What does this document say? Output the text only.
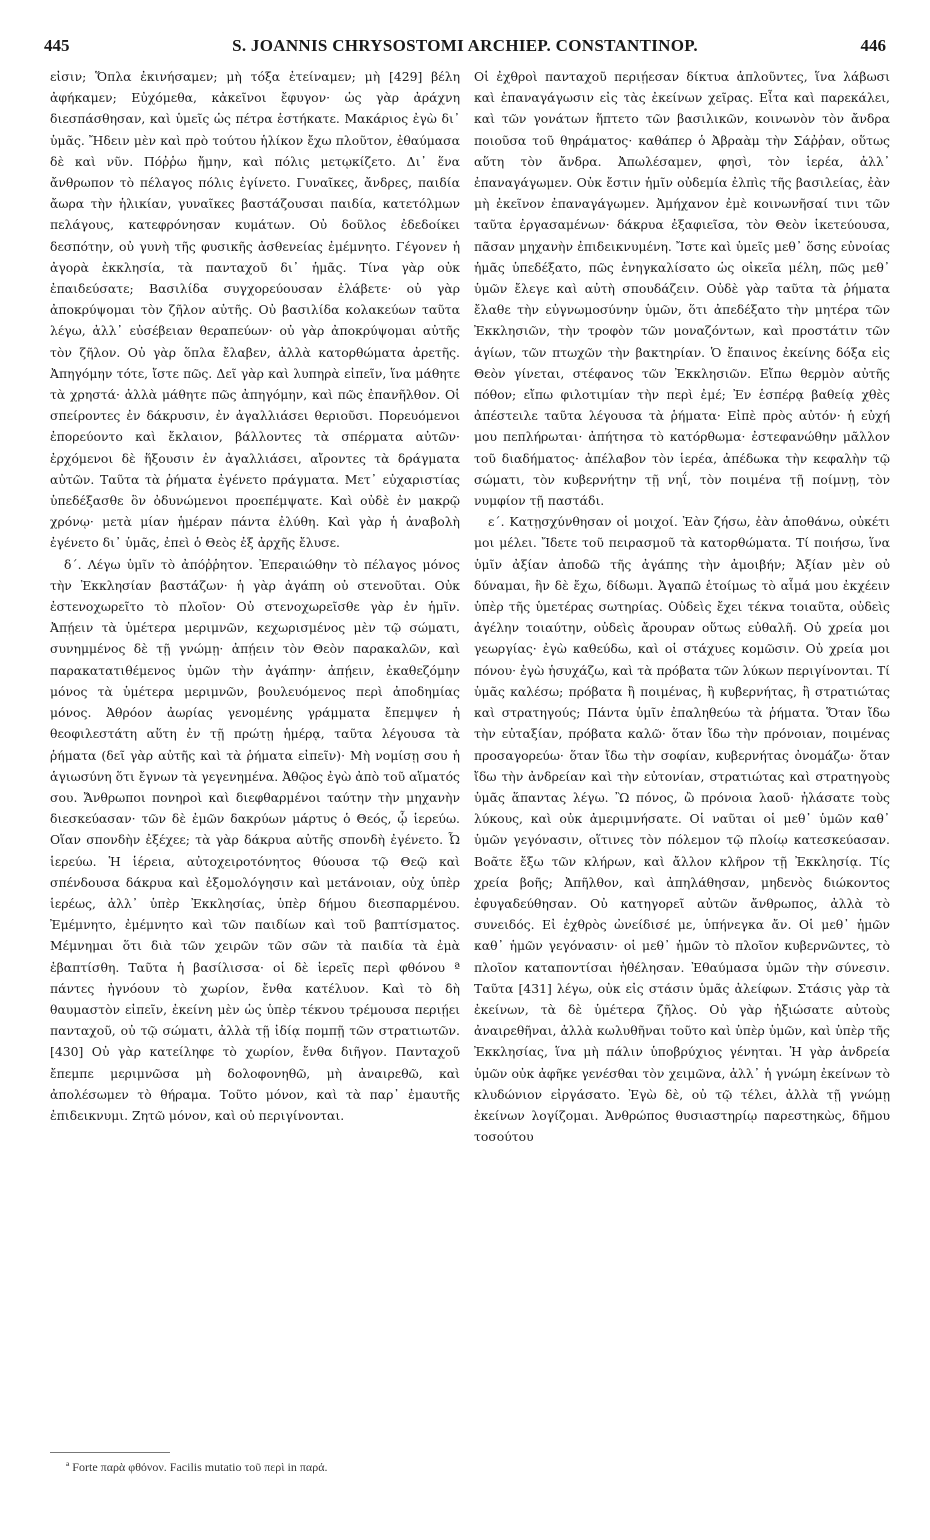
445	S. JOANNIS CHRYSOSTOMI ARCHIEP. CONSTANTINOP.	446

εἰσιν; Ὅπλα ἐκινήσαμεν; μὴ τόξα ἐτείναμεν; μὴ [429] βέλη ἀφήκαμεν; Εὐχόμεθα, κἀκεῖνοι ἔφυγον· ὡς γὰρ ἀράχνη διεσπάσθησαν, καὶ ὑμεῖς ὡς πέτρα ἑστήκατε. Μακάριος ἐγὼ δι᾽ ὑμᾶς. Ἤδειν μὲν καὶ πρὸ τούτου ἡλίκον ἔχω πλοῦτον, ἐθαύμασα δὲ καὶ νῦν. Πόῤῥω ἤμην, καὶ πόλις μετῳκίζετο. Δι᾽ ἕνα ἄνθρωπον τὸ πέλαγος πόλις ἐγίνετο. Γυναῖκες, ἄνδρες, παιδία ἄωρα τὴν ἡλικίαν, γυναῖκες βαστάζουσαι παιδία, κατετόλμων πελάγους, κατεφρόνησαν κυμάτων. Οὐ δοῦλος ἐδεδοίκει δεσπότην, οὐ γυνὴ τῆς φυσικῆς ἀσθενείας ἐμέμνητο. Γέγονεν ἡ ἀγορὰ ἐκκλησία, τὰ πανταχοῦ δι᾽ ἡμᾶς. Τίνα γὰρ οὐκ ἐπαιδεύσατε; Βασιλίδα συγχορεύουσαν ἐλάβετε· οὐ γὰρ ἀποκρύψομαι τὸν ζῆλον αὐτῆς. Οὐ βασιλίδα κολακεύων ταῦτα λέγω, ἀλλ᾽ εὐσέβειαν θεραπεύων· οὐ γὰρ ἀποκρύψομαι αὐτῆς τὸν ζῆλον. Οὐ γὰρ ὅπλα ἔλαβεν, ἀλλὰ κατορθώματα ἀρετῆς. Ἀπηγόμην τότε, ἴστε πῶς. Δεῖ γὰρ καὶ λυπηρὰ εἰπεῖν, ἵνα μάθητε τὰ χρηστά· ἀλλὰ μάθητε πῶς ἀπηγόμην, καὶ πῶς ἐπανῆλθον. Οἱ σπείροντες ἐν δάκρυσιν, ἐν ἀγαλλιάσει θεριοῦσι. Πορευόμενοι ἐπορεύοντο καὶ ἔκλαιον, βάλλοντες τὰ σπέρματα αὐτῶν· ἐρχόμενοι δὲ ἥξουσιν ἐν ἀγαλλιάσει, αἴροντες τὰ δράγματα αὐτῶν. Ταῦτα τὰ ῥήματα ἐγένετο πράγματα. Μετ᾽ εὐχαριστίας ὑπεδέξασθε ὃν ὀδυνώμενοι προεπέμψατε. Καὶ οὐδὲ ἐν μακρῷ χρόνῳ· μετὰ μίαν ἡμέραν πάντα ἐλύθη. Καὶ γὰρ ἡ ἀναβολὴ ἐγένετο δι᾽ ὑμᾶς, ἐπεὶ ὁ Θεὸς ἐξ ἀρχῆς ἔλυσε.

δ΄. Λέγω ὑμῖν τὸ ἀπόῤῥητον. Ἐπεραιώθην τὸ πέλαγος μόνος τὴν Ἐκκλησίαν βαστάζων· ἡ γὰρ ἀγάπη οὐ στενοῦται. Οὐκ ἐστενοχωρεῖτο τὸ πλοῖον· Οὐ στενοχωρεῖσθε γὰρ ἐν ἡμῖν. Ἀπῄειν τὰ ὑμέτερα μεριμνῶν, κεχωρισμένος μὲν τῷ σώματι, συνημμένος δὲ τῇ γνώμῃ· ἀπῄειν τὸν Θεὸν παρακαλῶν, καὶ παρακατατιθέμενος ὑμῶν τὴν ἀγάπην· ἀπῄειν, ἐκαθεζόμην μόνος τὰ ὑμέτερα μεριμνῶν, βουλευόμενος περὶ ἀποδημίας μόνος. Ἀθρόον ἀωρίας γενομένης γράμματα ἔπεμψεν ἡ θεοφιλεστάτη αὕτη ἐν τῇ πρώτῃ ἡμέρᾳ, ταῦτα λέγουσα τὰ ῥήματα (δεῖ γὰρ αὐτῆς καὶ τὰ ῥήματα εἰπεῖν)· Μὴ νομίσῃ σου ἡ ἁγιωσύνη ὅτι ἔγνων τὰ γεγενημένα. Ἀθῷος ἐγὼ ἀπὸ τοῦ αἵματός σου. Ἄνθρωποι πονηροὶ καὶ διεφθαρμένοι ταύτην τὴν μηχανὴν διεσκεύασαν· τῶν δὲ ἐμῶν δακρύων μάρτυς ὁ Θεός, ᾧ ἱερεύω. Οἵαν σπονδὴν ἐξέχεε; τὰ γὰρ δάκρυα αὐτῆς σπονδὴ ἐγένετο. Ὦ ἱερεύω. Ἡ ἱέρεια, αὐτοχειροτόνητος θύουσα τῷ Θεῷ καὶ σπένδουσα δάκρυα καὶ ἐξομολόγησιν καὶ μετάνοιαν, οὐχ ὑπὲρ ἱερέως, ἀλλ᾽ ὑπὲρ Ἐκκλησίας, ὑπὲρ δήμου διεσπαρμένου. Ἐμέμνητο, ἐμέμνητο καὶ τῶν παιδίων καὶ τοῦ βαπτίσματος. Μέμνημαι ὅτι διὰ τῶν χειρῶν τῶν σῶν τὰ παιδία τὰ ἐμὰ ἐβαπτίσθη. Ταῦτα ἡ βασίλισσα· οἱ δὲ ἱερεῖς περὶ φθόνου ª πάντες ἠγνόουν τὸ χωρίον, ἔνθα κατέλυον. Καὶ τὸ δὴ θαυμαστὸν εἰπεῖν, ἐκείνη μὲν ὡς ὑπὲρ τέκνου τρέμουσα περιῄει πανταχοῦ, οὐ τῷ σώματι, ἀλλὰ τῇ ἰδίᾳ πομπῇ τῶν στρατιωτῶν. [430] Οὐ γὰρ κατείληφε τὸ χωρίον, ἔνθα διῆγον. Πανταχοῦ ἔπεμπε μεριμνῶσα μὴ δολοφονηθῶ, μὴ ἀναιρεθῶ, καὶ ἀπολέσωμεν τὸ θήραμα. Τοῦτο μόνον, καὶ τὰ παρ᾽ ἐμαυτῆς ἐπιδεικνυμι. Ζητῶ μόνον, καὶ οὐ περιγίνονται.

Οἱ ἐχθροὶ πανταχοῦ περιῄεσαν δίκτυα ἁπλοῦντες, ἵνα λάβωσι καὶ ἐπαναγάγωσιν εἰς τὰς ἐκείνων χεῖρας. Εἶτα καὶ παρεκάλει, καὶ τῶν γονάτων ἥπτετο τῶν βασιλικῶν, κοινωνὸν τὸν ἄνδρα ποιοῦσα τοῦ θηράματος· καθάπερ ὁ Ἀβραὰμ τὴν Σάῤῥαν, οὕτως αὕτη τὸν ἄνδρα. Ἀπωλέσαμεν, φησὶ, τὸν ἱερέα, ἀλλ᾽ ἐπαναγάγωμεν. Οὐκ ἔστιν ἡμῖν οὐδεμία ἐλπὶς τῆς βασιλείας, ἐὰν μὴ ἐκεῖνον ἐπαναγάγωμεν. Ἀμήχανον ἐμὲ κοινωνῆσαί τινι τῶν ταῦτα ἐργασαμένων· δάκρυα ἐξαφιεῖσα, τὸν Θεὸν ἱκετεύουσα, πᾶσαν μηχανὴν ἐπιδεικνυμένη. Ἴστε καὶ ὑμεῖς μεθ᾽ ὅσης εὐνοίας ἡμᾶς ὑπεδέξατο, πῶς ἐνηγκαλίσατο ὡς οἰκεῖα μέλη, πῶς μεθ᾽ ὑμῶν ἔλεγε καὶ αὐτὴ σπουδάζειν. Οὐδὲ γὰρ ταῦτα τὰ ῥήματα ἔλαθε τὴν εὐγνωμοσύνην ὑμῶν, ὅτι ἀπεδέξατο τὴν μητέρα τῶν Ἐκκλησιῶν, τὴν τροφὸν τῶν μοναζόντων, καὶ προστάτιν τῶν ἁγίων, τῶν πτωχῶν τὴν βακτηρίαν. Ὁ ἔπαινος ἐκείνης δόξα εἰς Θεὸν γίνεται, στέφανος τῶν Ἐκκλησιῶν. Εἴπω θερμὸν αὐτῆς πόθον; εἴπω φιλοτιμίαν τὴν περὶ ἐμέ; Ἐν ἑσπέρᾳ βαθείᾳ χθὲς ἀπέστειλε ταῦτα λέγουσα τὰ ῥήματα· Εἰπὲ πρὸς αὐτόν· ἡ εὐχή μου πεπλήρωται· ἀπήτησα τὸ κατόρθωμα· ἐστεφανώθην μᾶλλον τοῦ διαδήματος· ἀπέλαβον τὸν ἱερέα, ἀπέδωκα τὴν κεφαλὴν τῷ σώματι, τὸν κυβερνήτην τῇ νηΐ, τὸν ποιμένα τῇ ποίμνῃ, τὸν νυμφίον τῇ παστάδι.

ε΄. Κατῃσχύνθησαν οἱ μοιχοί. Ἐὰν ζήσω, ἐὰν ἀποθάνω, οὐκέτι μοι μέλει. Ἴδετε τοῦ πειρασμοῦ τὰ κατορθώματα. Τί ποιήσω, ἵνα ὑμῖν ἀξίαν ἀποδῶ τῆς ἀγάπης τὴν ἀμοιβήν; Ἀξίαν μὲν οὐ δύναμαι, ἣν δὲ ἔχω, δίδωμι. Ἀγαπῶ ἑτοίμως τὸ αἷμά μου ἐκχέειν ὑπὲρ τῆς ὑμετέρας σωτηρίας. Οὐδεὶς ἔχει τέκνα τοιαῦτα, οὐδεὶς ἀγέλην τοιαύτην, οὐδεὶς ἄρουραν οὕτως εὐθαλῆ. Οὐ χρεία μοι γεωργίας· ἐγὼ καθεύδω, καὶ οἱ στάχυες κομῶσιν. Οὐ χρεία μοι πόνου· ἐγὼ ἡσυχάζω, καὶ τὰ πρόβατα τῶν λύκων περιγίνονται. Τί ὑμᾶς καλέσω; πρόβατα ἢ ποιμένας, ἢ κυβερνήτας, ἢ στρατιώτας καὶ στρατηγούς; Πάντα ὑμῖν ἐπαληθεύω τὰ ῥήματα. Ὅταν ἴδω τὴν εὐταξίαν, πρόβατα καλῶ· ὅταν ἴδω τὴν πρόνοιαν, ποιμένας προσαγορεύω· ὅταν ἴδω τὴν σοφίαν, κυβερνήτας ὀνομάζω· ὅταν ἴδω τὴν ἀνδρείαν καὶ τὴν εὐτονίαν, στρατιώτας καὶ στρατηγοὺς ὑμᾶς ἅπαντας λέγω. Ὢ πόνος, ὢ πρόνοια λαοῦ· ἠλάσατε τοὺς λύκους, καὶ οὐκ ἀμεριμνήσατε. Οἱ ναῦται οἱ μεθ᾽ ὑμῶν καθ᾽ ὑμῶν γεγόνασιν, οἵτινες τὸν πόλεμον τῷ πλοίῳ κατεσκεύασαν. Βοᾶτε ἔξω τῶν κλήρων, καὶ ἄλλον κλῆρον τῇ Ἐκκλησίᾳ. Τίς χρεία βοῆς; Ἀπῆλθον, καὶ ἀπηλάθησαν, μηδενὸς διώκοντος ἐφυγαδεύθησαν. Οὐ κατηγορεῖ αὐτῶν ἄνθρωπος, ἀλλὰ τὸ συνειδός. Εἰ ἐχθρὸς ὠνείδισέ με, ὑπήνεγκα ἄν. Οἱ μεθ᾽ ἡμῶν καθ᾽ ἡμῶν γεγόνασιν· οἱ μεθ᾽ ἡμῶν τὸ πλοῖον κυβερνῶντες, τὸ πλοῖον καταποντίσαι ἠθέλησαν. Ἐθαύμασα ὑμῶν τὴν σύνεσιν. Ταῦτα [431] λέγω, οὐκ εἰς στάσιν ὑμᾶς ἀλείφων. Στάσις γὰρ τὰ ἐκείνων, τὰ δὲ ὑμέτερα ζῆλος. Οὐ γὰρ ἠξιώσατε αὐτοὺς ἀναιρεθῆναι, ἀλλὰ κωλυθῆναι τοῦτο καὶ ὑπὲρ ὑμῶν, καὶ ὑπὲρ τῆς Ἐκκλησίας, ἵνα μὴ πάλιν ὑποβρύχιος γένηται. Ἡ γὰρ ἀνδρεία ὑμῶν οὐκ ἀφῆκε γενέσθαι τὸν χειμῶνα, ἀλλ᾽ ἡ γνώμη ἐκείνων τὸ κλυδώνιον εἰργάσατο. Ἐγὼ δὲ, οὐ τῷ τέλει, ἀλλὰ τῇ γνώμῃ ἐκείνων λογίζομαι. Ἀνθρώπος θυσιαστηρίῳ παρεστηκὼς, δῆμου τοσούτου

ª Forte παρὰ φθόνον. Facilis mutatio τοῦ περὶ in παρά.
